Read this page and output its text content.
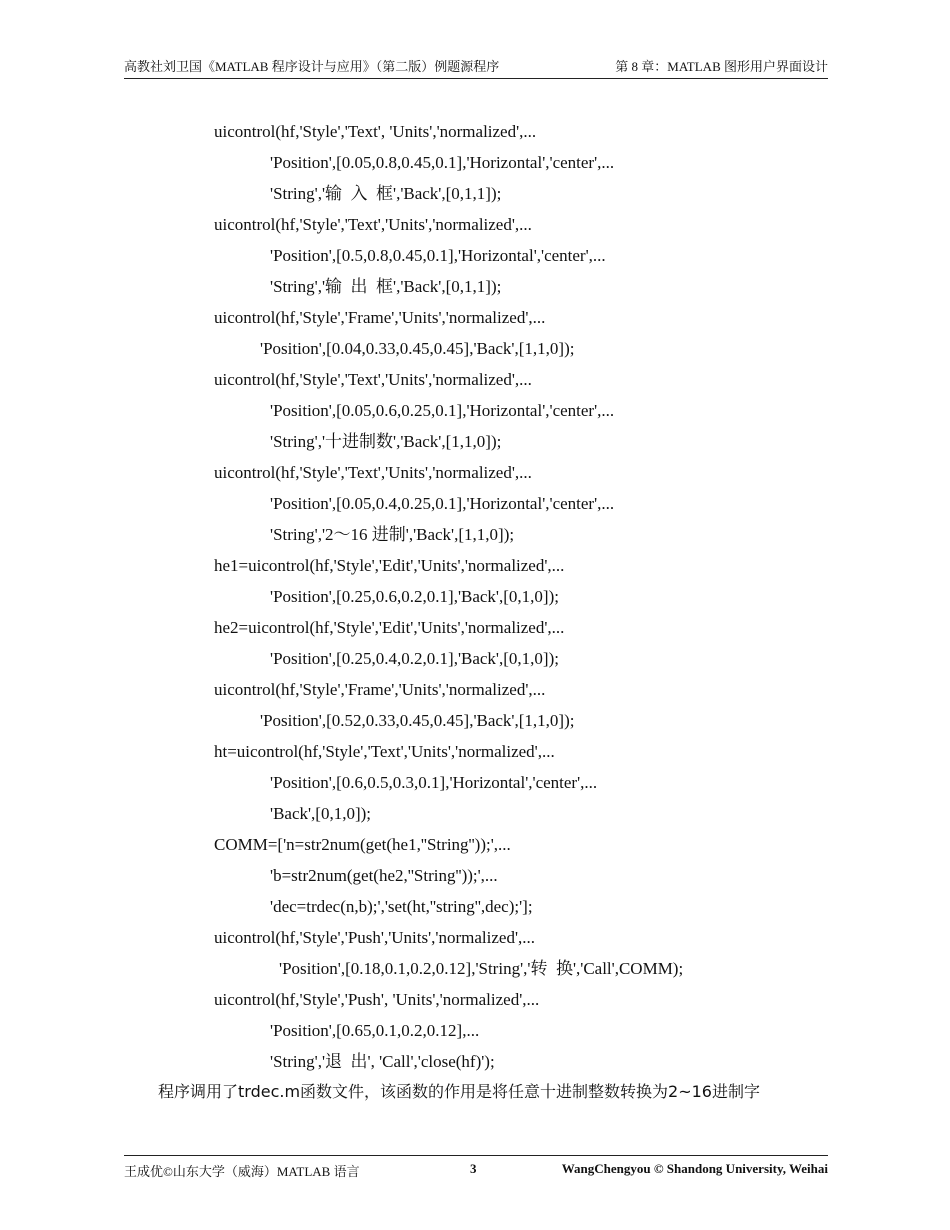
高教社刘卫国《MATLAB 程序设计与应用》（第二版）例题源程序	第 8 章：MATLAB 图形用户界面设计
uicontrol(hf,'Style','Text', 'Units','normalized',...
'Position',[0.05,0.8,0.45,0.1],'Horizontal','center',...
'String','输  入  框','Back',[0,1,1]);
uicontrol(hf,'Style','Text','Units','normalized',...
'Position',[0.5,0.8,0.45,0.1],'Horizontal','center',...
'String','输  出  框','Back',[0,1,1]);
uicontrol(hf,'Style','Frame','Units','normalized',...
'Position',[0.04,0.33,0.45,0.45],'Back',[1,1,0]);
uicontrol(hf,'Style','Text','Units','normalized',...
'Position',[0.05,0.6,0.25,0.1],'Horizontal','center',...
'String','十进制数','Back',[1,1,0]);
uicontrol(hf,'Style','Text','Units','normalized',...
'Position',[0.05,0.4,0.25,0.1],'Horizontal','center',...
'String','2～16 进制','Back',[1,1,0]);
he1=uicontrol(hf,'Style','Edit','Units','normalized',...
'Position',[0.25,0.6,0.2,0.1],'Back',[0,1,0]);
he2=uicontrol(hf,'Style','Edit','Units','normalized',...
'Position',[0.25,0.4,0.2,0.1],'Back',[0,1,0]);
uicontrol(hf,'Style','Frame','Units','normalized',...
'Position',[0.52,0.33,0.45,0.45],'Back',[1,1,0]);
ht=uicontrol(hf,'Style','Text','Units','normalized',...
'Position',[0.6,0.5,0.3,0.1],'Horizontal','center',...
'Back',[0,1,0]);
COMM=['n=str2num(get(he1,''String''));',...
'b=str2num(get(he2,''String''));',...
'dec=trdec(n,b);','set(ht,''string'',dec);'];
uicontrol(hf,'Style','Push','Units','normalized',...
'Position',[0.18,0.1,0.2,0.12],'String','转  换','Call',COMM);
uicontrol(hf,'Style','Push', 'Units','normalized',...
'Position',[0.65,0.1,0.2,0.12],...
'String','退  出', 'Call','close(hf)');
程序调用了trdec.m函数文件，该函数的作用是将任意十进制整数转换为2~16进制字
王成优©山东大学（威海）MATLAB 语言	3	WangChengyou © Shandong University, Weihai
